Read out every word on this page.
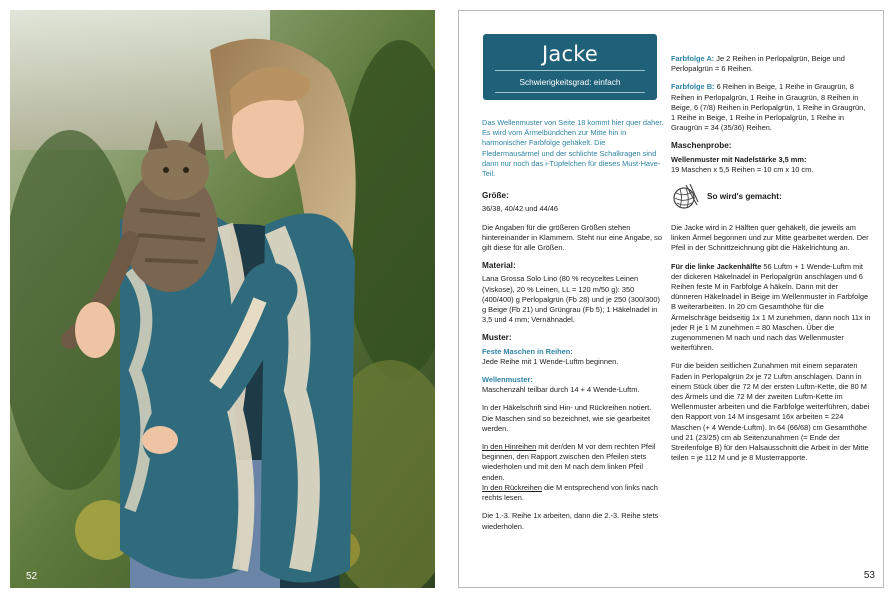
52
Jacke
Schwierigkeitsgrad: einfach
Das Wellenmuster von Seite 18 kommt hier quer daher. Es wird vom Ärmelbündchen zur Mitte hin in harmonischer Farbfolge gehäkelt. Die Fledermausärmel und der schlichte Schalkragen sind dann nur noch das i-Tüpfelchen für dieses Must-Have-Teil.
Größe:
36/38, 40/42 und 44/46
Die Angaben für die größeren Größen stehen hintereinander in Klammern. Steht nur eine Angabe, so gilt diese für alle Größen.
Material:
Lana Grossa Solo Lino (80 % recyceltes Leinen (Viskose), 20 % Leinen, LL = 120 m/50 g): 350 (400/400) g Perlopalgrün (Fb 28) und je 250 (300/300) g Beige (Fb 21) und Grüngrau (Fb 5); 1 Häkelnadel in 3,5 und 4 mm; Vernähnadel.
Muster:
Feste Maschen in Reihen:
Jede Reihe mit 1 Wende-Luftm beginnen.
Wellenmuster:
Maschenzahl teilbar durch 14 + 4 Wende-Luftm.
In der Häkelschrift sind Hin- und Rückreihen notiert. Die Maschen sind so bezeichnet, wie sie gearbeitet werden.
In den Hinreihen mit der/den M vor dem rechten Pfeil beginnen, den Rapport zwischen den Pfeilen stets wiederholen und mit den M nach dem linken Pfeil enden.
In den Rückreihen die M entsprechend von links nach rechts lesen.
Die 1.-3. Reihe 1x arbeiten, dann die 2.-3. Reihe stets wiederholen.
Farbfolge A: Je 2 Reihen in Perlopalgrün, Beige und Perlopalgrün = 6 Reihen.
Farbfolge B: 6 Reihen in Beige, 1 Reihe in Graugrün, 8 Reihen in Perlopalgrün, 1 Reihe in Graugrün, 8 Reihen in Beige, 6 (7/8) Reihen in Perlopalgrün, 1 Reihe in Graugrün, 1 Reihe in Beige, 1 Reihe in Perlopalgrün, 1 Reihe in Graugrün = 34 (35/36) Reihen.
Maschenprobe:
Wellenmuster mit Nadelstärke 3,5 mm:
19 Maschen x 5,5 Reihen = 10 cm x 10 cm.
So wird's gemacht:
Die Jacke wird in 2 Hälften quer gehäkelt, die jeweils am linken Ärmel begonnen und zur Mitte gearbeitet werden. Der Pfeil in der Schnittzeichnung gibt die Häkelrichtung an.
Für die linke Jackenhälfte 56 Luftm + 1 Wende-Luftm mit der dickeren Häkelnadel in Perlopalgrün anschlagen und 6 Reihen feste M in Farbfolge A häkeln. Dann mit der dünneren Häkelnadel in Beige im Wellenmuster in Farbfolge B weiterarbeiten. In 20 cm Gesamthöhe für die Ärmelschräge beidseitig 1x 1 M zunehmen, dann noch 11x in jeder R je 1 M zunehmen = 80 Maschen. Über die zugenommenen M nach und nach das Wellenmuster weiterführen.
Für die beiden seitlichen Zunahmen mit einem separaten Faden in Perlopalgrün 2x je 72 Luftm anschlagen. Dann in einem Stück über die 72 M der ersten Luftm-Kette, die 80 M des Ärmels und die 72 M der zweiten Luftm-Kette im Wellenmuster arbeiten und die Farbfolge weiterführen, dabei den Rapport von 14 M insgesamt 16x arbeiten = 224 Maschen (+ 4 Wende-Luftm). In 64 (66/68) cm Gesamthöhe und 21 (23/25) cm ab Seitenzunahmen (= Ende der Streifenfolge B) für den Halsausschnitt die Arbeit in der Mitte teilen = je 112 M und je 8 Musterrapporte.
53
